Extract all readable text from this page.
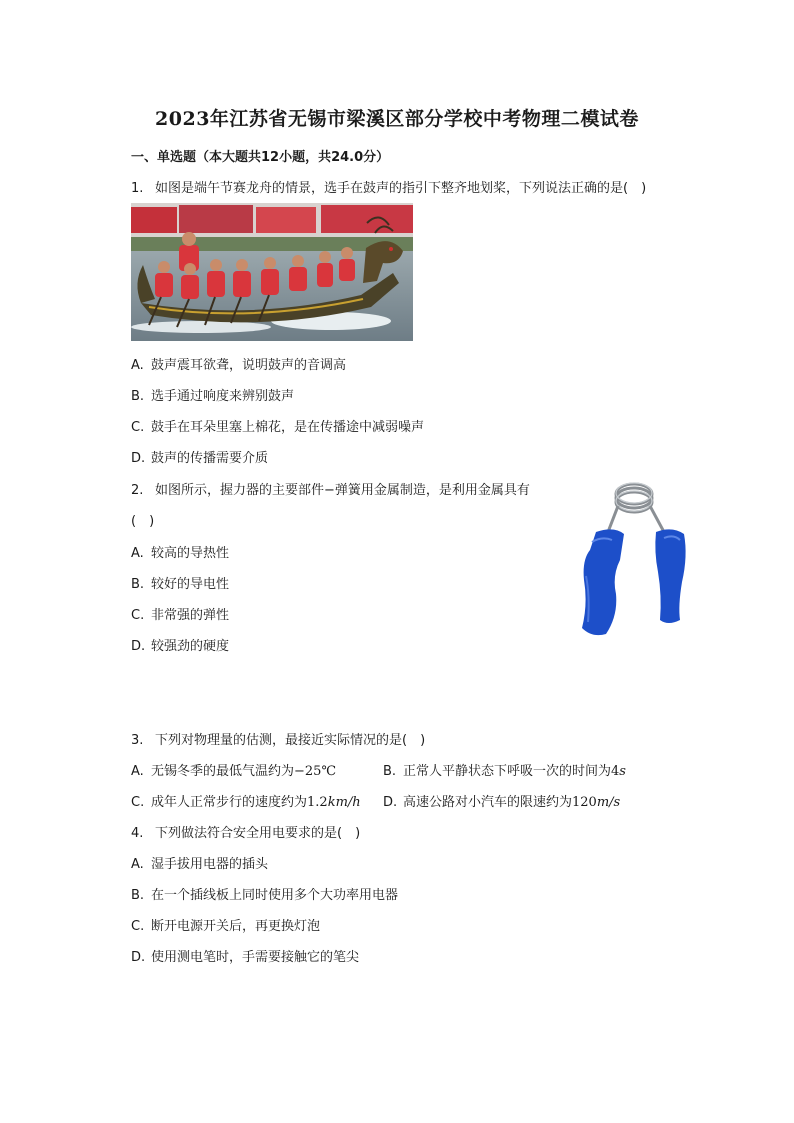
2023年江苏省无锡市梁溪区部分学校中考物理二模试卷
一、单选题（本大题共12小题，共24.0分）
1. 如图是端午节赛龙舟的情景，选手在鼓声的指引下整齐地划桨，下列说法正确的是(　)
A. 鼓声震耳欲聋，说明鼓声的音调高
B. 选手通过响度来辨别鼓声
C. 鼓手在耳朵里塞上棉花，是在传播途中减弱噪声
D. 鼓声的传播需要介质
2. 如图所示，握力器的主要部件−弹簧用金属制造，是利用金属具有
(　)
A. 较高的导热性
B. 较好的导电性
C. 非常强的弹性
D. 较强劲的硬度
3. 下列对物理量的估测，最接近实际情况的是(　)
A. 无锡冬季的最低气温约为−25℃	B. 正常人平静状态下呼吸一次的时间为4s
C. 成年人正常步行的速度约为1.2km/h D. 高速公路对小汽车的限速约为120m/s
4. 下列做法符合安全用电要求的是(　)
A. 湿手拔用电器的插头
B. 在一个插线板上同时使用多个大功率用电器
C. 断开电源开关后，再更换灯泡
D. 使用测电笔时，手需要接触它的笔尖
